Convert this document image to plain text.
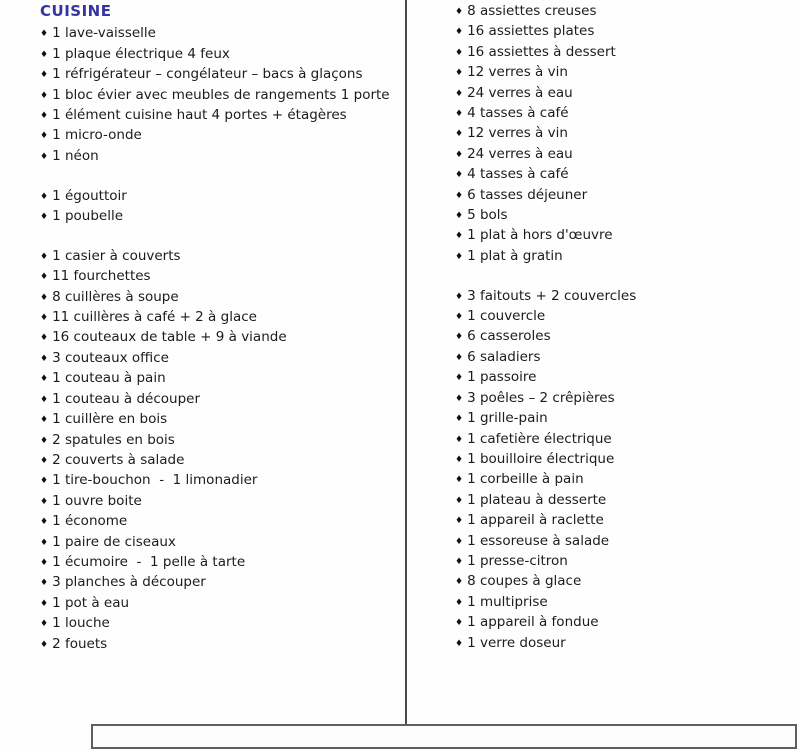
CUISINE
♦ 1 lave-vaisselle
♦ 1 plaque électrique 4 feux
♦ 1 réfrigérateur – congélateur – bacs à glaçons
♦ 1 bloc évier avec meubles de rangements 1 porte
♦ 1 élément cuisine haut 4 portes + étagères
♦ 1 micro-onde
♦ 1 néon
♦ 1 égouttoir
♦ 1 poubelle
♦ 1 casier à couverts
♦ 11 fourchettes
♦ 8 cuillères à soupe
♦ 11 cuillères à café + 2 à glace
♦ 16 couteaux de table + 9 à viande
♦ 3 couteaux office
♦ 1 couteau à pain
♦ 1 couteau à découper
♦ 1 cuillère en bois
♦ 2 spatules en bois
♦ 2 couverts à salade
♦ 1 tire-bouchon  -  1 limonadier
♦ 1 ouvre boite
♦ 1 économe
♦ 1 paire de ciseaux
♦ 1 écumoire  -  1 pelle à tarte
♦ 3 planches à découper
♦ 1 pot à eau
♦ 1 louche
♦ 2 fouets
♦ 8 assiettes creuses
♦ 16 assiettes plates
♦ 16 assiettes à dessert
♦ 12 verres à vin
♦ 24 verres à eau
♦ 4 tasses à café
♦ 12 verres à vin
♦ 24 verres à eau
♦ 4 tasses à café
♦ 6 tasses déjeuner
♦ 5 bols
♦ 1 plat à hors d'œuvre
♦ 1 plat à gratin
♦ 3 faitouts + 2 couvercles
♦ 1 couvercle
♦ 6 casseroles
♦ 6 saladiers
♦ 1 passoire
♦ 3 poêles – 2 crêpières
♦ 1 grille-pain
♦ 1 cafetière électrique
♦ 1 bouilloire électrique
♦ 1 corbeille à pain
♦ 1 plateau à desserte
♦ 1 appareil à raclette
♦ 1 essoreuse à salade
♦ 1 presse-citron
♦ 8 coupes à glace
♦ 1 multiprise
♦ 1 appareil à fondue
♦ 1 verre doseur
